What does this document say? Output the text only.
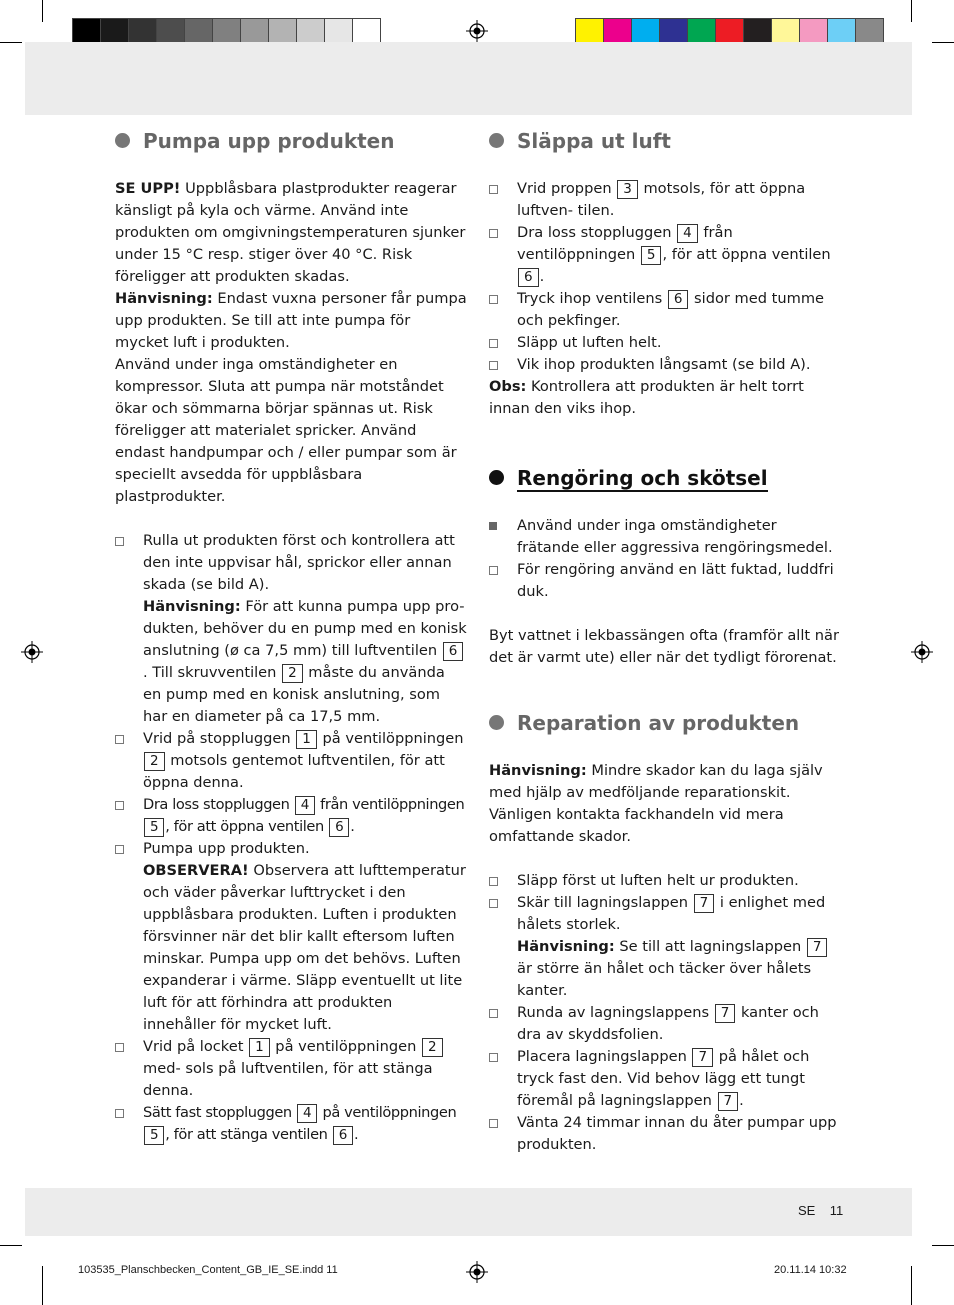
Pumpa upp produkten

SE UPP! Uppblåsbara plastprodukter reagerar känsligt på kyla och värme. Använd inte produkten om omgivningstemperaturen sjunker under 15 °C resp. stiger över 40 °C. Risk föreligger att produkten skadas.

Hänvisning: Endast vuxna personer får pumpa upp produkten. Se till att inte pumpa för mycket luft i produkten.

Använd under inga omständigheter en kompressor. Sluta att pumpa när motståndet ökar och sömmarna börjar spännas ut. Risk föreligger att materialet spricker. Använd endast handpumpar och / eller pumpar som är speciellt avsedda för uppblåsbara plastprodukter.

Rulla ut produkten först och kontrollera att den inte uppvisar hål, sprickor eller annan skada (se bild A).
Hänvisning: För att kunna pumpa upp pro- dukten, behöver du en pump med en konisk anslutning (ø ca 7,5 mm) till luftventilen 6. Till skruvventilen 2 måste du använda en pump med en konisk anslutning, som har en diameter på ca 17,5 mm.
Vrid på stoppluggen 1 på ventilöppningen 2 motsols gentemot luftventilen, för att öppna denna.
Dra loss stoppluggen 4 från ventilöppningen 5 , för att öppna ventilen 6 .
Pumpa upp produkten.
OBSERVERA! Observera att lufttemperatur och väder påverkar lufttrycket i den uppblåsbara produkten. Luften i produkten försvinner när det blir kallt eftersom luften minskar. Pumpa upp om det behövs. Luften expanderar i värme. Släpp eventuellt ut lite luft för att förhindra att produkten innehåller för mycket luft.
Vrid på locket 1 på ventilöppningen 2 med- sols på luftventilen, för att stänga denna.
Sätt fast stoppluggen 4 på ventilöppningen 5 , för att stänga ventilen 6 .
Släppa ut luft
Vrid proppen 3 motsols, för att öppna luftven- tilen.
Dra loss stoppluggen 4 från ventilöppningen 5 , för att öppna ventilen 6 .
Tryck ihop ventilens 6 sidor med tumme och pekfinger.
Släpp ut luften helt.
Vik ihop produkten långsamt (se bild A).

Obs: Kontrollera att produkten är helt torrt innan den viks ihop.

Rengöring och skötsel
Använd under inga omständigheter frätande eller aggressiva rengöringsmedel.
För rengöring använd en lätt fuktad, luddfri duk.

Byt vattnet i lekbassängen ofta (framför allt när det är varmt ute) eller när det tydligt förorenat.

Reparation av produkten

Hänvisning: Mindre skador kan du laga själv med hjälp av medföljande reparationskit. Vänligen kontakta fackhandeln vid mera omfattande skador.

Släpp först ut luften helt ur produkten.
Skär till lagningslappen 7 i enlighet med hålets storlek.
Hänvisning: Se till att lagningslappen 7 är större än hålet och täcker över hålets kanter.
Runda av lagningslappens 7 kanter och dra av skyddsfolien.
Placera lagningslappen 7 på hålet och tryck fast den. Vid behov lägg ett tungt föremål på lagningslappen 7 .
Vänta 24 timmar innan du åter pumpar upp produkten.
SE 11
103535_Planschbecken_Content_GB_IE_SE.indd 11	20.11.14 10:32
